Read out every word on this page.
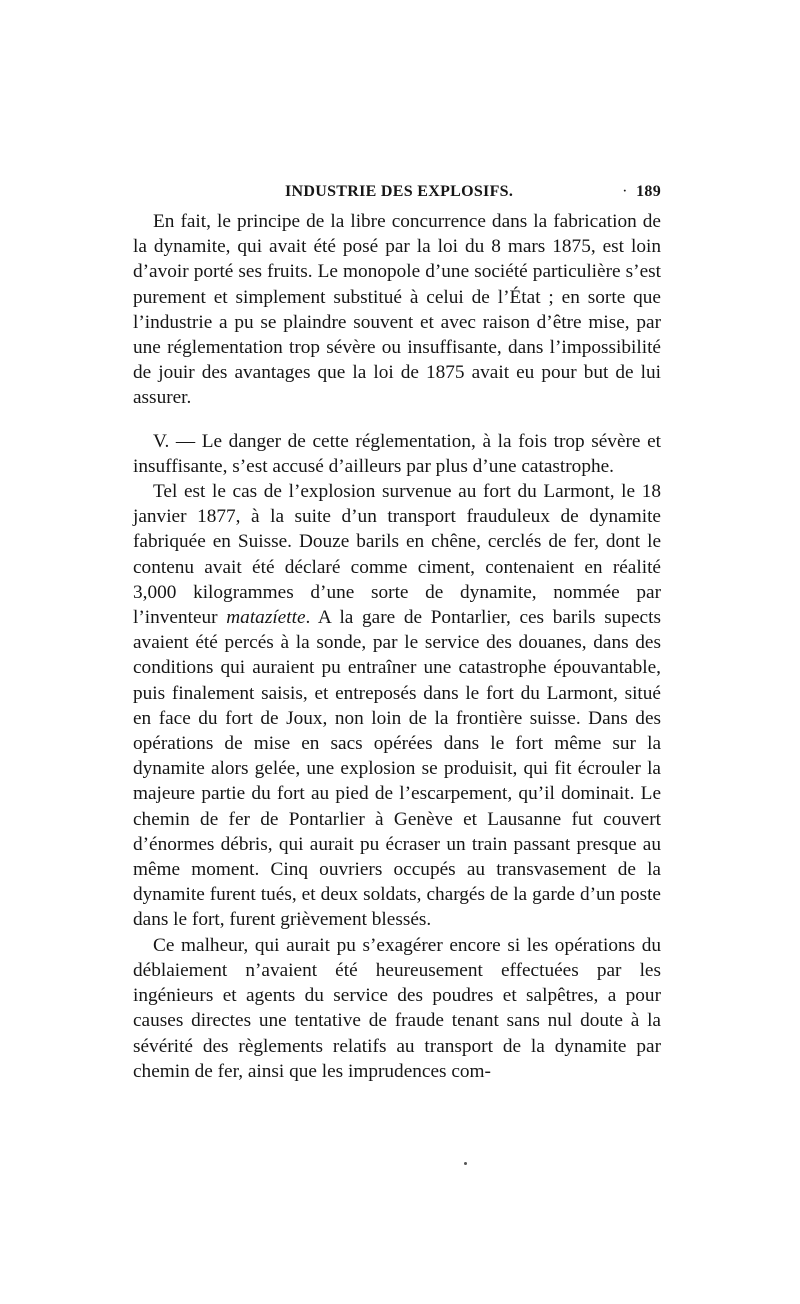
INDUSTRIE DES EXPLOSIFS.
·	189

En fait, le principe de la libre concurrence dans la fabrication de la dynamite, qui avait été posé par la loi du 8 mars 1875, est loin d’avoir porté ses fruits. Le monopole d’une société particulière s’est purement et simplement substitué à celui de l’État ; en sorte que l’industrie a pu se plaindre souvent et avec raison d’être mise, par une réglementation trop sévère ou insuffisante, dans l’impossibilité de jouir des avantages que la loi de 1875 avait eu pour but de lui assurer.

V. — Le danger de cette réglementation, à la fois trop sévère et insuffisante, s’est accusé d’ailleurs par plus d’une catastrophe.

Tel est le cas de l’explosion survenue au fort du Larmont, le 18 janvier 1877, à la suite d’un transport frauduleux de dynamite fabriquée en Suisse. Douze barils en chêne, cerclés de fer, dont le contenu avait été déclaré comme ciment, contenaient en réalité 3,000 kilogrammes d’une sorte de dynamite, nommée par l’inventeur matazíette. A la gare de Pontarlier, ces barils supects avaient été percés à la sonde, par le service des douanes, dans des conditions qui auraient pu entraîner une catastrophe épouvantable, puis finalement saisis, et entreposés dans le fort du Larmont, situé en face du fort de Joux, non loin de la frontière suisse. Dans des opérations de mise en sacs opérées dans le fort même sur la dynamite alors gelée, une explosion se produisit, qui fit écrouler la majeure partie du fort au pied de l’escarpement, qu’il dominait. Le chemin de fer de Pontarlier à Genève et Lausanne fut couvert d’énormes débris, qui aurait pu écraser un train passant presque au même moment. Cinq ouvriers occupés au transvasement de la dynamite furent tués, et deux soldats, chargés de la garde d’un poste dans le fort, furent grièvement blessés.

Ce malheur, qui aurait pu s’exagérer encore si les opérations du déblaiement n’avaient été heureusement effectuées par les ingénieurs et agents du service des poudres et salpêtres, a pour causes directes une tentative de fraude tenant sans nul doute à la sévérité des règlements relatifs au transport de la dynamite par chemin de fer, ainsi que les imprudences com-
